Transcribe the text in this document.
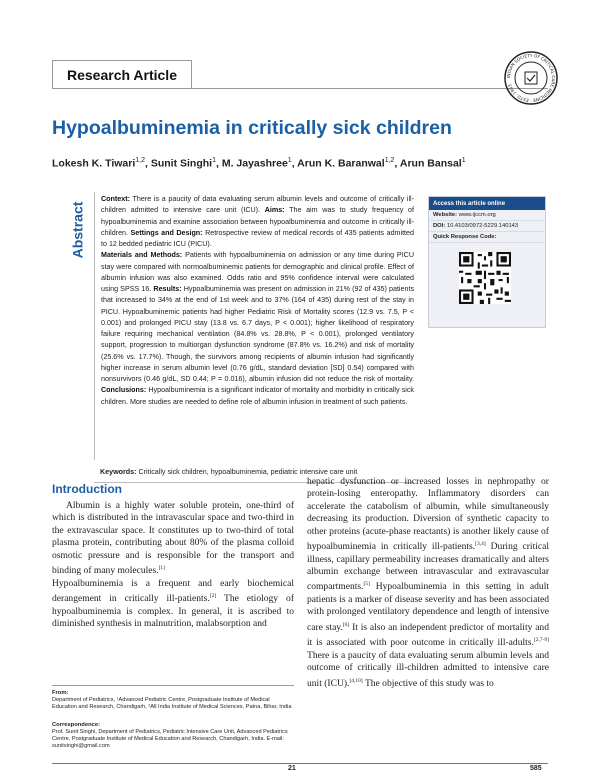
Research Article	INDIAN SOCIETY OF CRITICAL CARE MEDICINE · ESTD. 1993
Hypoalbuminemia in critically sick children
Lokesh K. Tiwari$^{1,2}$, Sunit Singhi$^1$, M. Jayashree$^1$, Arun K. Baranwal$^{1,2}$, Arun Bansal$^1$
Abstract
Context: There is a paucity of data evaluating serum albumin levels and outcome of critically ill-children admitted to intensive care unit (ICU). Aims: The aim was to study frequency of hypoalbuminemia and examine association between hypoalbuminemia and outcome in critically ill-children. Settings and Design: Retrospective review of medical records of 435 patients admitted to 12 bedded pediatric ICU (PICU).
Materials and Methods: Patients with hypoalbuminemia on admission or any time during PICU stay were compared with normoalbuminemic patients for demographic and clinical profile. Effect of albumin infusion was also examined. Odds ratio and 95% confidence interval were calculated using SPSS 16. Results: Hypoalbuminemia was present on admission in 21% (92 of 435) patients that increased to 34% at the end of 1st week and to 37% (164 of 435) during rest of the stay in PICU. Hypoalbuminemic patients had higher Pediatric Risk of Mortality scores (12.9 vs. 7.5, P < 0.001) and prolonged PICU stay (13.8 vs. 6.7 days, P < 0.001); higher likelihood of respiratory failure requiring mechanical ventilation (84.8% vs. 28.8%, P < 0.001), prolonged ventilatory support, progression to multiorgan dysfunction syndrome (87.8% vs. 16.2%) and risk of mortality (25.6% vs. 17.7%). Though, the survivors among recipients of albumin infusion had significantly higher increase in serum albumin level (0.76 g/dL, standard deviation [SD] 0.54) compared with nonsurvivors (0.46 g/dL, SD 0.44; P = 0.016), albumin infusion did not reduce the risk of mortality. Conclusions: Hypoalbuminemia is a significant indicator of mortality and morbidity in critically sick children. More studies are needed to define role of albumin infusion in treatment of such patients.
Keywords: Critically sick children, hypoalbuminemia, pediatric intensive care unit
Access this article online
Website: www.ijccm.org
DOI: 10.4103/0972-5229.140143
Quick Response Code:
Introduction

Albumin is a highly water soluble protein, one-third of which is distributed in the intravascular space and two-third in the extravascular space. It constitutes up to two-third of total plasma protein, contributing about 80% of the plasma colloid osmotic pressure and is responsible for the transport and binding of many molecules.[1]

Hypoalbuminemia is a frequent and early biochemical derangement in critically ill-patients.[2] The etiology of hypoalbuminemia is complex. In general, it is ascribed to diminished synthesis in malnutrition, malabsorption and

hepatic dysfunction or increased losses in nephropathy or protein-losing enteropathy. Inflammatory disorders can accelerate the catabolism of albumin, while simultaneously decreasing its production. Diversion of synthetic capacity to other proteins (acute-phase reactants) is another likely cause of hypoalbuminemia in critically ill-patients.[3,4] During critical illness, capillary permeability increases dramatically and alters albumin exchange between intravascular and extravascular compartments.[5] Hypoalbuminemia in this setting in adult patients is a marker of disease severity and has been associated with prolonged ventilatory dependence and length of intensive care stay.[6] It is also an independent predictor of mortality and it is associated with poor outcome in critically ill-adults.[2,7-9] There is a paucity of data evaluating serum albumin levels and outcome of critically ill-children admitted to intensive care unit (ICU).[4,10] The objective of this study was to

From:
Department of Pediatrics, ¹Advanced Pediatric Centre, Postgraduate Institute of Medical Education and Research, Chandigarh, ²All India Institute of Medical Sciences, Patna, Bihar, India
Correspondence:
Prof. Sunit Singhi, Department of Pediatrics, Pediatric Intensive Care Unit, Advanced Pediatrics Centre, Postgraduate Institute of Medical Education and Research, Chandigarh, India. E-mail: sunitsinghi@gmail.com
21	585
